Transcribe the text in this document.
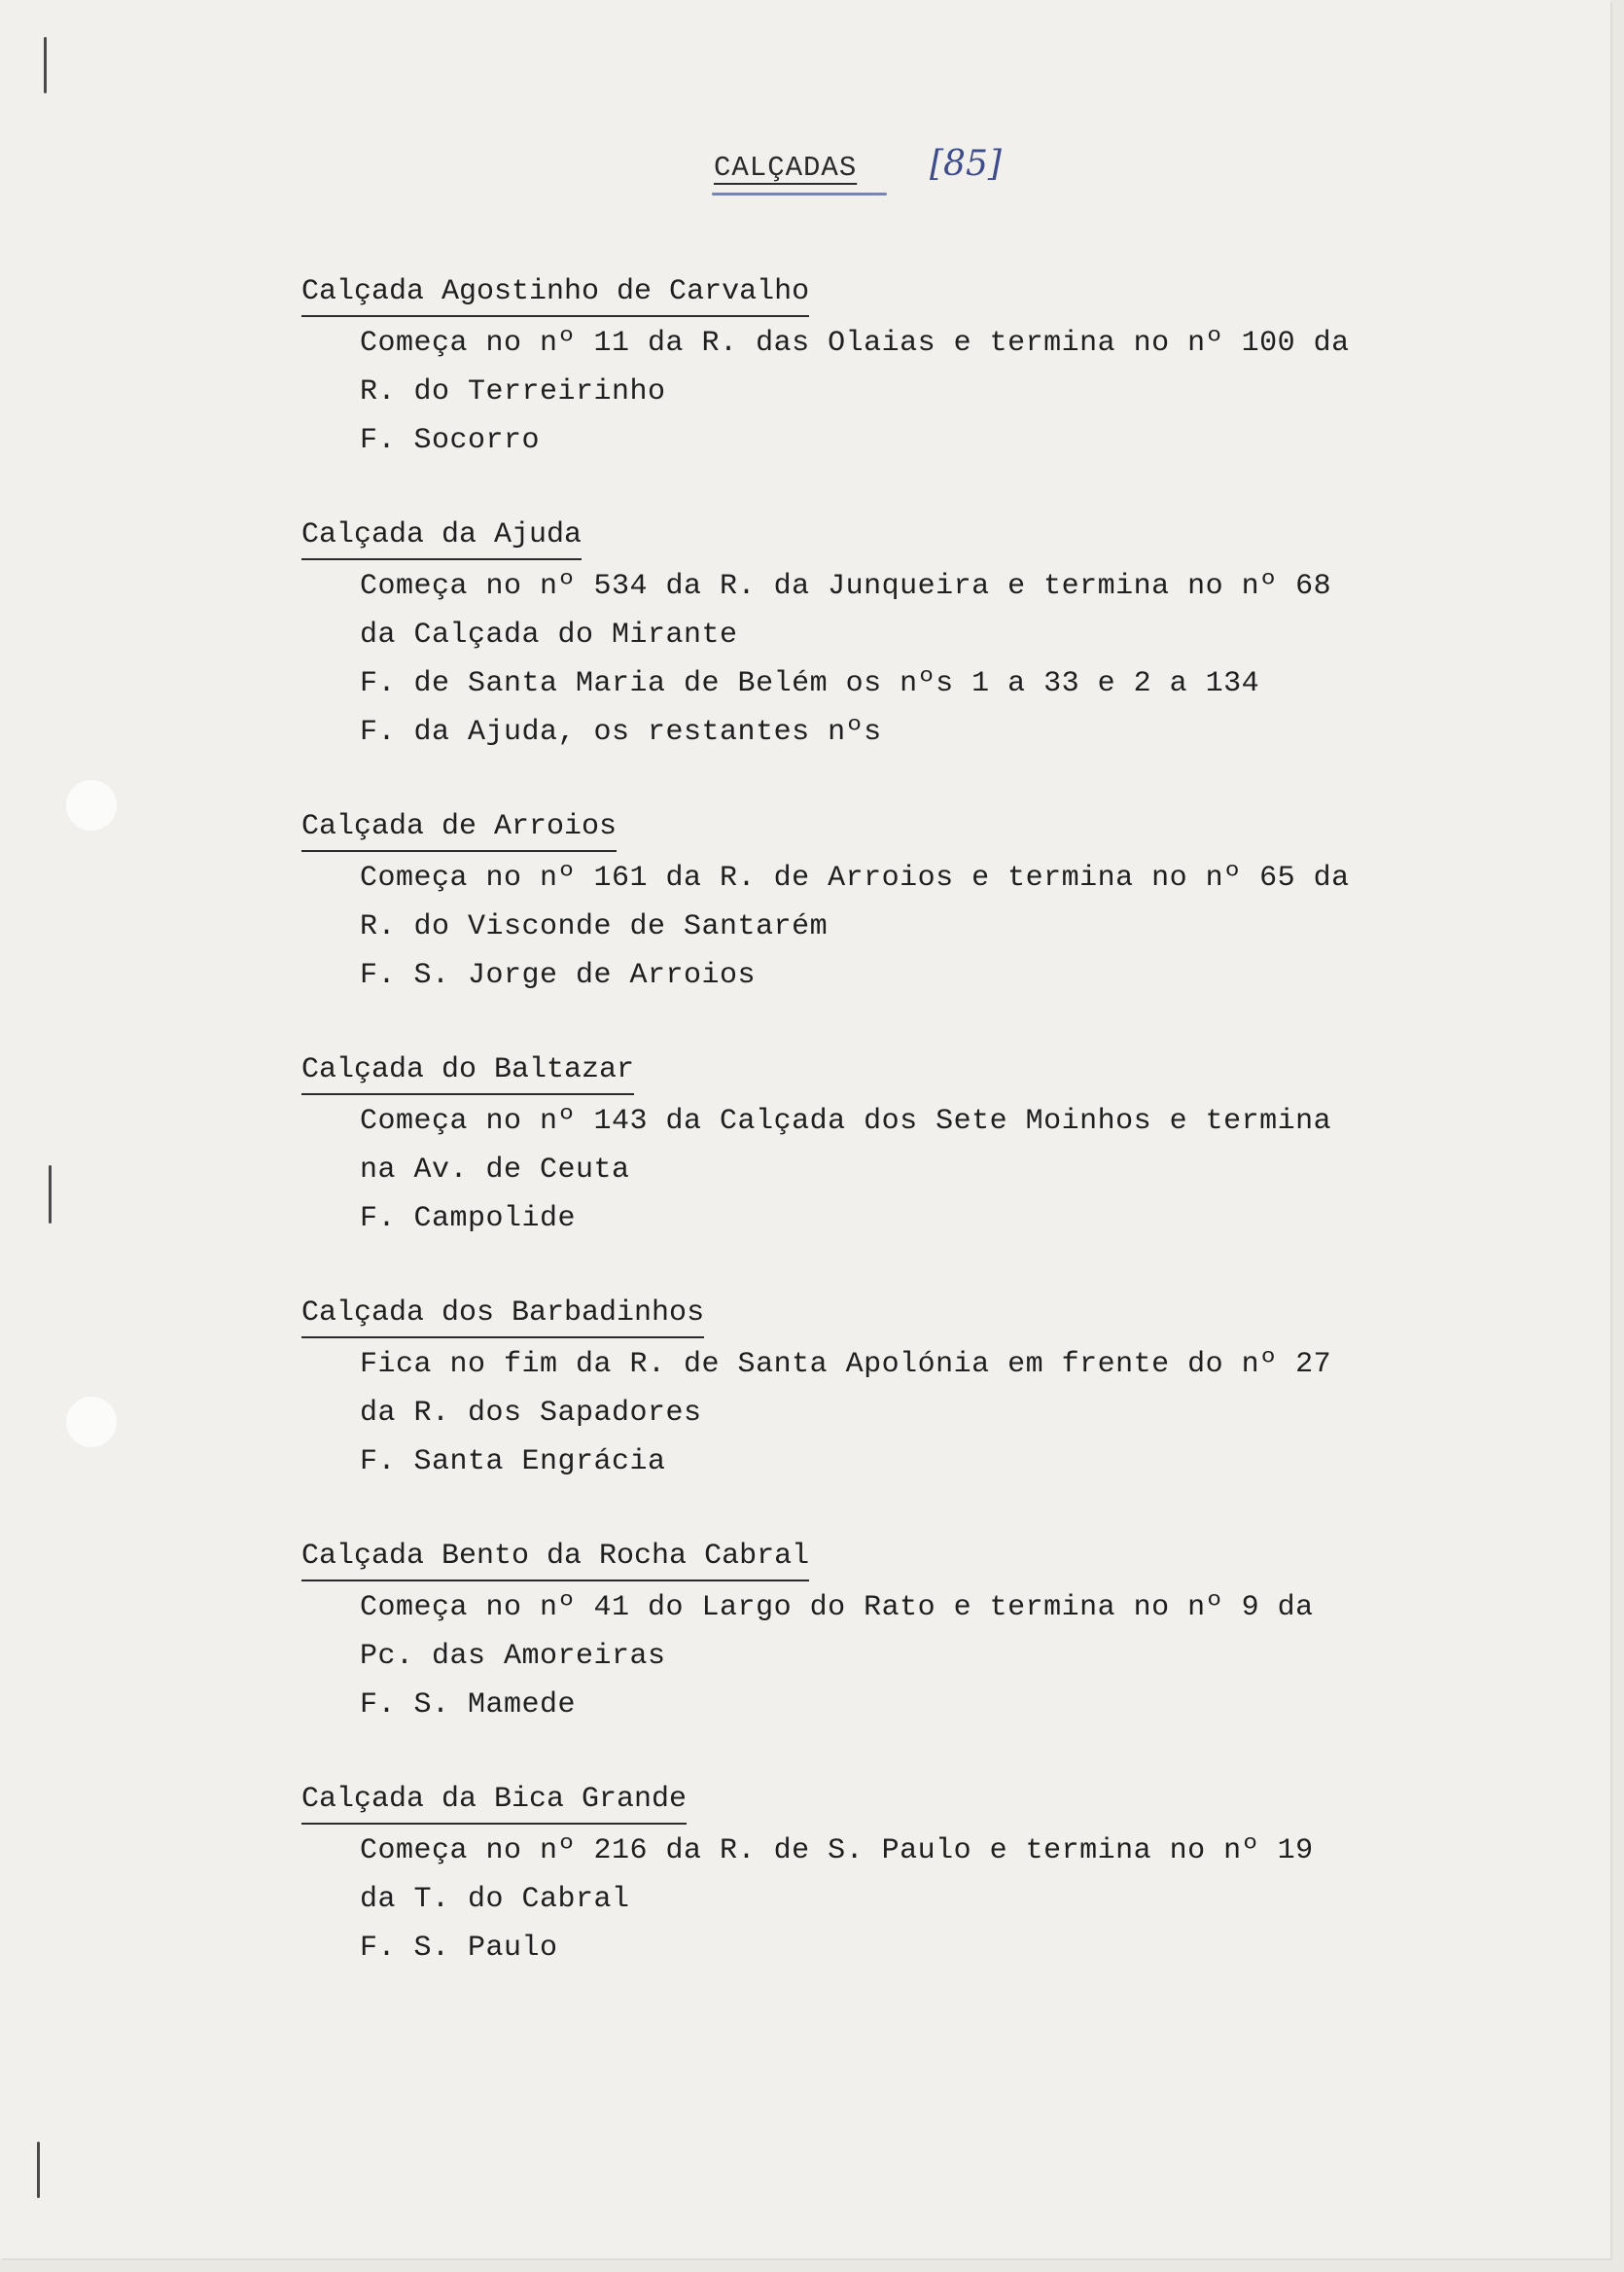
CALÇADAS [85]
Calçada Agostinho de Carvalho
Começa no nº 11 da R. das Olaias e termina no nº 100 da
R. do Terreirinho
F. Socorro
Calçada da Ajuda
Começa no nº 534 da R. da Junqueira e termina no nº 68
da Calçada do Mirante
F. de Santa Maria de Belém os nºs 1 a 33 e 2 a 134
F. da Ajuda, os restantes nºs
Calçada de Arroios
Começa no nº 161 da R. de Arroios e termina no nº 65 da
R. do Visconde de Santarém
F. S. Jorge de Arroios
Calçada do Baltazar
Começa no nº 143 da Calçada dos Sete Moinhos e termina
na Av. de Ceuta
F. Campolide
Calçada dos Barbadinhos
Fica no fim da R. de Santa Apolónia em frente do nº 27
da R. dos Sapadores
F. Santa Engrácia
Calçada Bento da Rocha Cabral
Começa no nº 41 do Largo do Rato e termina no nº 9 da
Pc. das Amoreiras
F. S. Mamede
Calçada da Bica Grande
Começa no nº 216 da R. de S. Paulo e termina no nº 19
da T. do Cabral
F. S. Paulo
